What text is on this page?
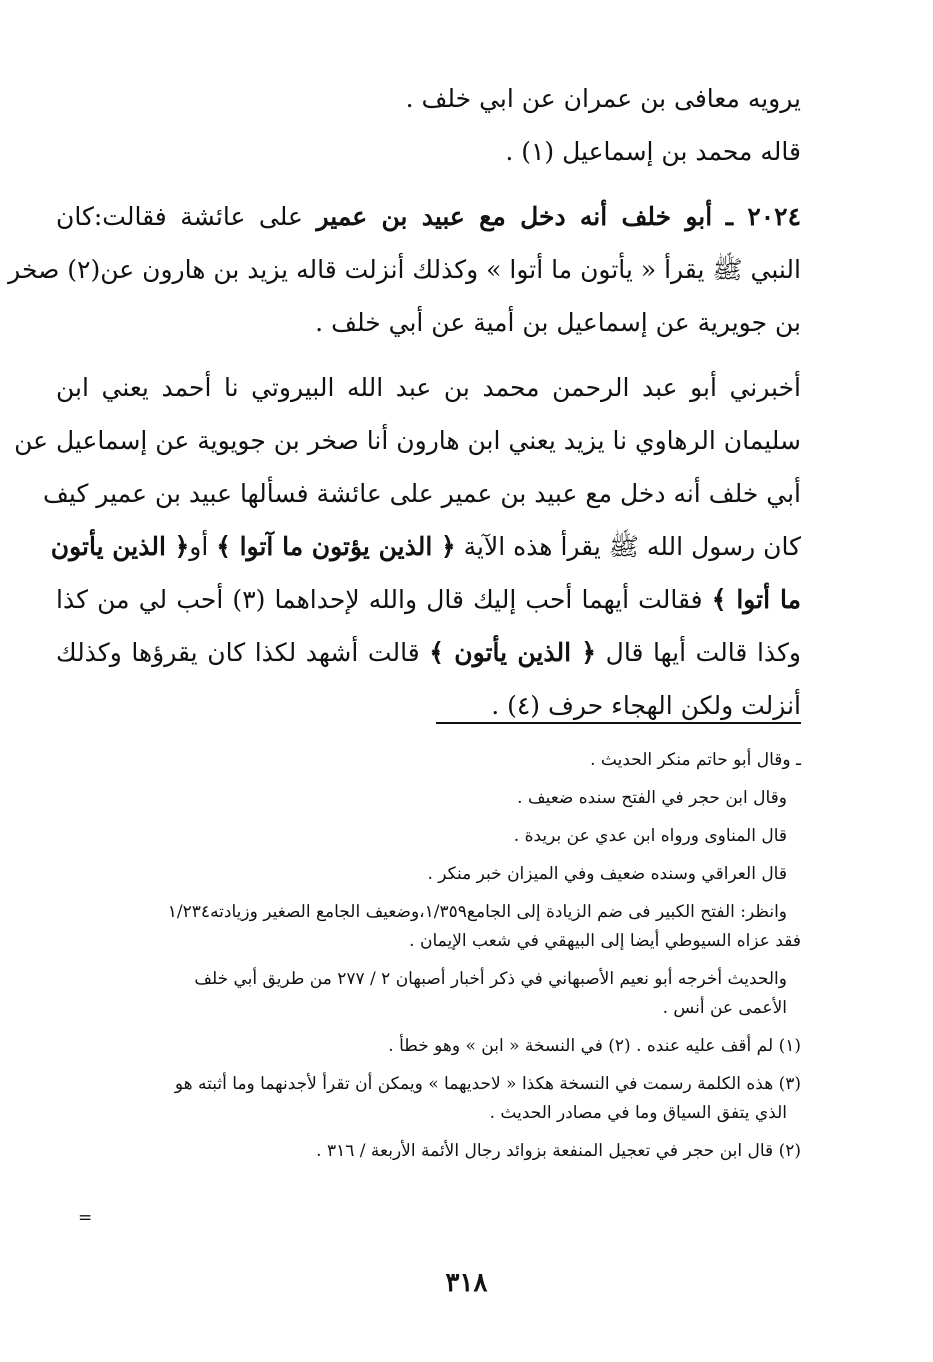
يرويه معافى بن عمران عن ابي خلف .
قاله محمد بن إسماعيل (١) .

٢٠٢٤ ـ أبو خلف أنه دخل مع عبيد بن عمير على عائشة فقالت:كان
النبي ﷺ يقرأ « يأتون ما أتوا » وكذلك أنزلت قاله يزيد بن هارون عن(٢) صخر
بن جويرية عن إسماعيل بن أمية عن أبي خلف .

أخبرني أبو عبد الرحمن محمد بن عبد الله البيروتي نا أحمد يعني ابن
سليمان الرهاوي نا يزيد يعني ابن هارون أنا صخر بن جويوية عن إسماعيل عن
أبي خلف أنه دخل مع عبيد بن عمير على عائشة فسألها عبيد بن عمير كيف
كان رسول الله ﷺ يقرأ هذه الآية ﴿ الذين يؤتون ما آتوا ﴾ أو﴿ الذين يأتون
ما أتوا ﴾ فقالت أيهما أحب إليك قال والله لإحداهما (٣) أحب لي من كذا
وكذا قالت أيها قال ﴿ الذين يأتون ﴾ قالت أشهد لكذا كان يقرؤها وكذلك
أنزلت ولكن الهجاء حرف (٤) .

ـ وقال أبو حاتم منكر الحديث .
وقال ابن حجر في الفتح سنده ضعيف .
قال المناوى ورواه ابن عدي عن بريدة .
قال العراقي وسنده ضعيف وفي الميزان خبر منكر .
وانظر: الفتح الكبير فى ضم الزيادة إلى الجامع١/٣٥٩،وضعيف الجامع الصغير وزيادته١/٢٣٤
فقد عزاه السيوطي أيضا إلى البيهقي في شعب الإيمان .
والحديث أخرجه أبو نعيم الأصبهاني في ذكر أخبار أصبهان ٢ / ٢٧٧ من طريق أبي خلف
الأعمى عن أنس .
(١) لم أقف عليه عنده . (٢) في النسخة « ابن » وهو خطأ .
(٣) هذه الكلمة رسمت في النسخة هكذا « لاحديهما » ويمكن أن تقرأ لأجدنهما وما أثبته هو
الذي يتفق السياق وما في مصادر الحديث .
(٢) قال ابن حجر في تعجيل المنفعة بزوائد رجال الأئمة الأربعة / ٣١٦ .
=
٣١٨
